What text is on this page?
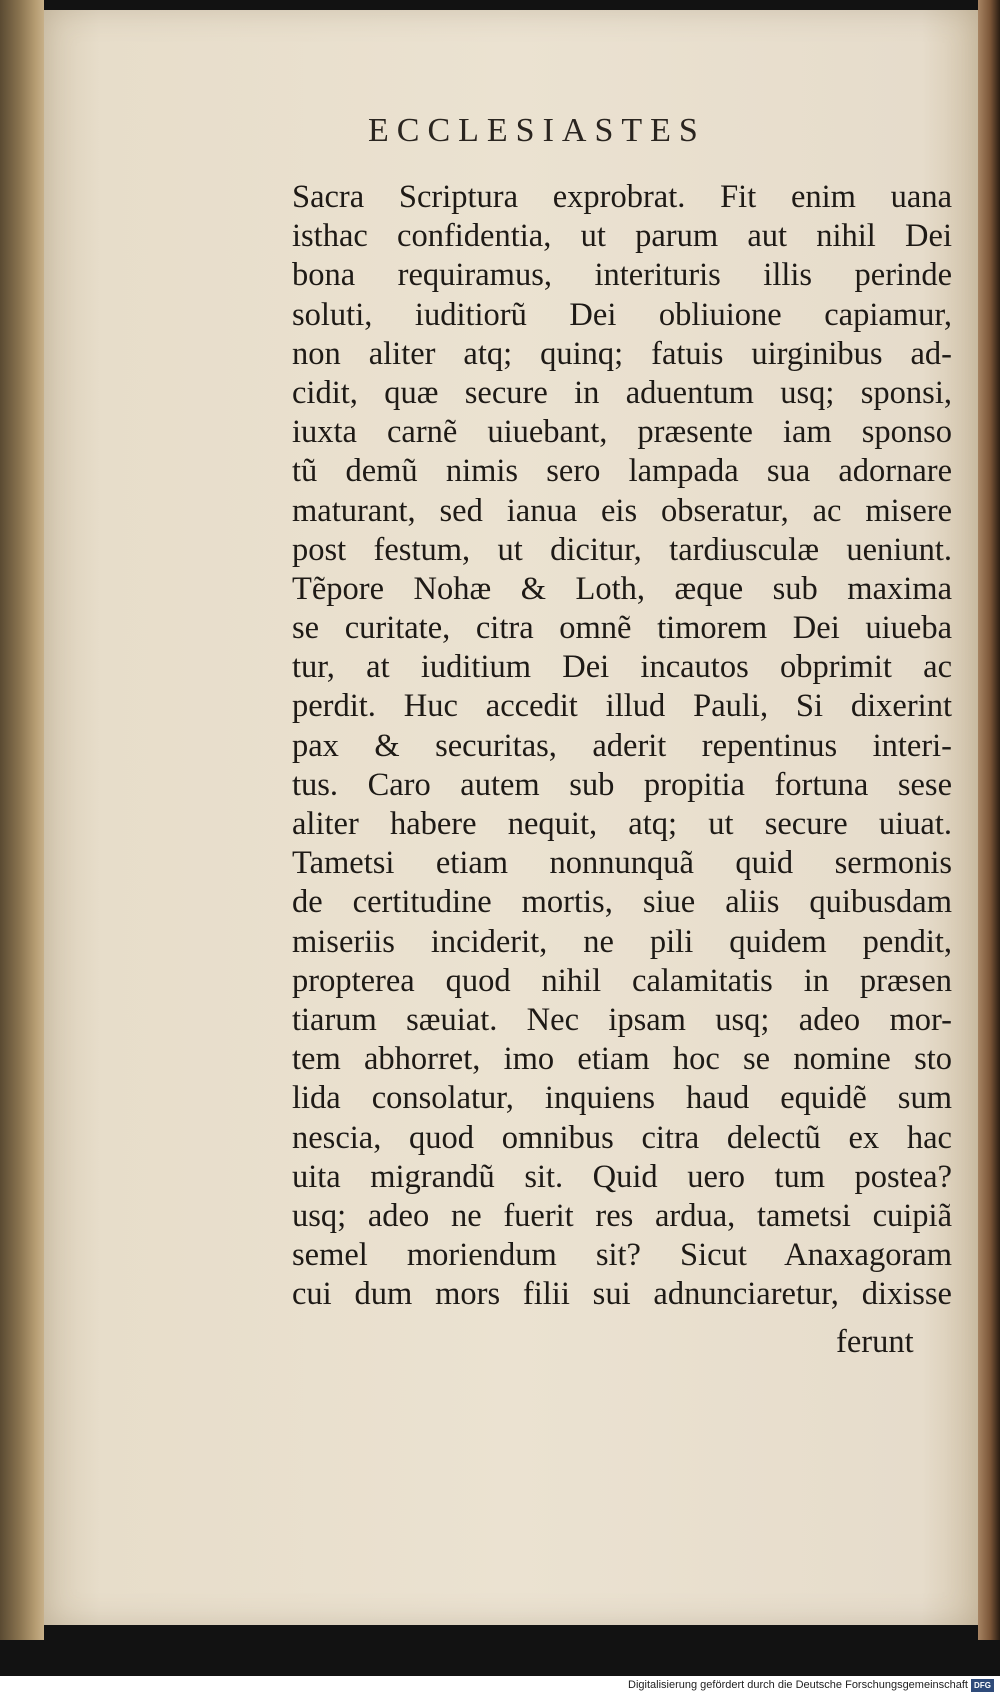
ECCLESIASTES
Sacra Scriptura exprobrat. Fit enim uana
isthac confidentia, ut parum aut nihil Dei
bona requiramus, interituris illis perinde
soluti, iuditiorũ Dei obliuione capiamur,
non aliter atq; quinq; fatuis uirginibus ad-
cidit, quæ secure in aduentum usq; sponsi,
iuxta carnẽ uiuebant, præsente iam sponso
tũ demũ nimis sero lampada sua adornare
maturant, sed ianua eis obseratur, ac misere
post festum, ut dicitur, tardiusculæ ueniunt.
Tẽpore Nohæ & Loth, æque sub maxima
se curitate, citra omnẽ timorem Dei uiueba
tur, at iuditium Dei incautos obprimit ac
perdit. Huc accedit illud Pauli, Si dixerint
pax & securitas, aderit repentinus interi-
tus. Caro autem sub propitia fortuna sese
aliter habere nequit, atq; ut secure uiuat.
Tametsi etiam nonnunquã quid sermonis
de certitudine mortis, siue aliis quibusdam
miseriis inciderit, ne pili quidem pendit,
propterea quod nihil calamitatis in præsen
tiarum sæuiat. Nec ipsam usq; adeo mor-
tem abhorret, imo etiam hoc se nomine sto
lida consolatur, inquiens haud equidẽ sum
nescia, quod omnibus citra delectũ ex hac
uita migrandũ sit. Quid uero tum postea?
usq; adeo ne fuerit res ardua, tametsi cuipiã
semel moriendum sit? Sicut Anaxagoram
cui dum mors filii sui adnunciaretur, dixisse
ferunt
Digitalisierung gefördert durch die Deutsche Forschungsgemeinschaft DFG
